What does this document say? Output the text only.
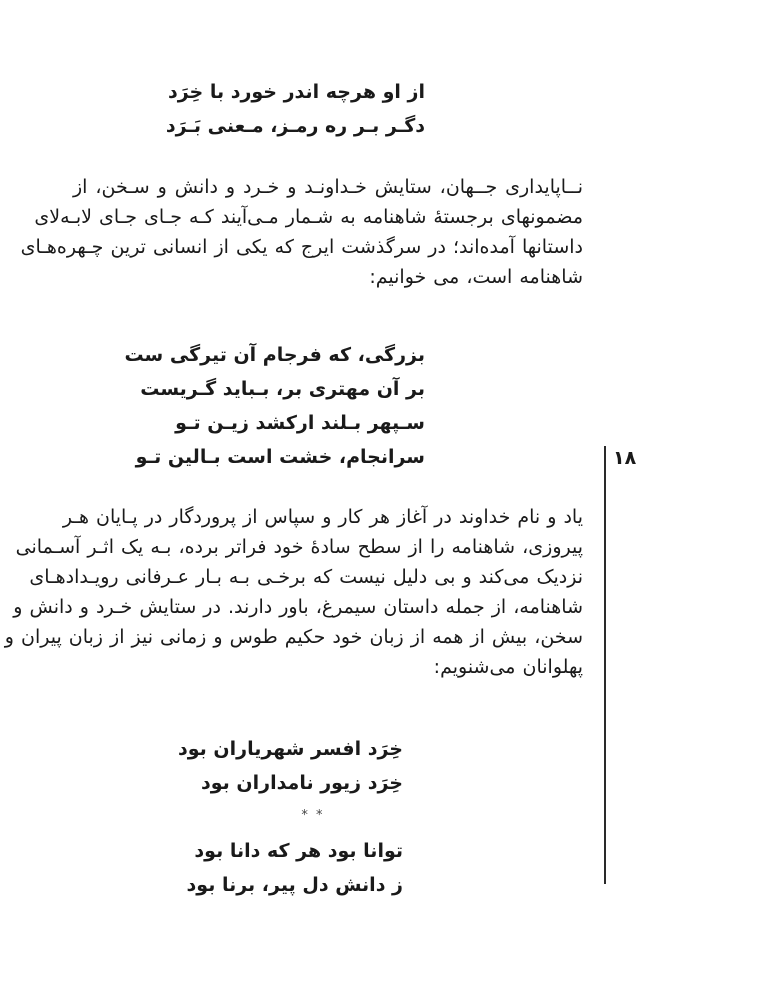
از او هرچه اندر خورد با خِرَد
دگـر بـر ره رمـز، مـعنی بَـرَد
نــاپایداری جــهان، ستایش خـداونـد و خـرد و دانش و سـخن، از
مضمونهای برجستهٔ شاهنامه به شـمار مـی‌آیند کـه جـای جـای لابـه‌لای
داستانها آمده‌اند؛ در سرگذشت ایرج که یکی از انسانی ترین چـهره‌هـای
شاهنامه است، می خوانیم:
بزرگی، که فرجام آن تیرگی ست
بر آن مهتری بر، بـباید گـریست
سـپهر بـلند ارکشد زیـن تـو
سرانجام، خشت است بـالین تـو	۱۸
یاد و نام خداوند در آغاز هر کار و سپاس از پروردگار در پـایان هـر
پیروزی، شاهنامه را از سطح سادهٔ خود فراتر برده، بـه یک اثـر آسـمانی
نزدیک می‌کند و بی دلیل نیست که برخـی بـه بـار عـرفانی رویـدادهـای
شاهنامه، از جمله داستان سیمرغ، باور دارند. در ستایش خـرد و دانش و
سخن، بیش از همه از زبان خود حکیم طوس و زمانی نیز از زبان پیران و
پهلوانان می‌شنویم:
خِرَد افسر شهریاران بود
خِرَد زیور نامداران بود
* *
توانا بود هر که دانا بود
ز دانش دل پیر، برنا بود
